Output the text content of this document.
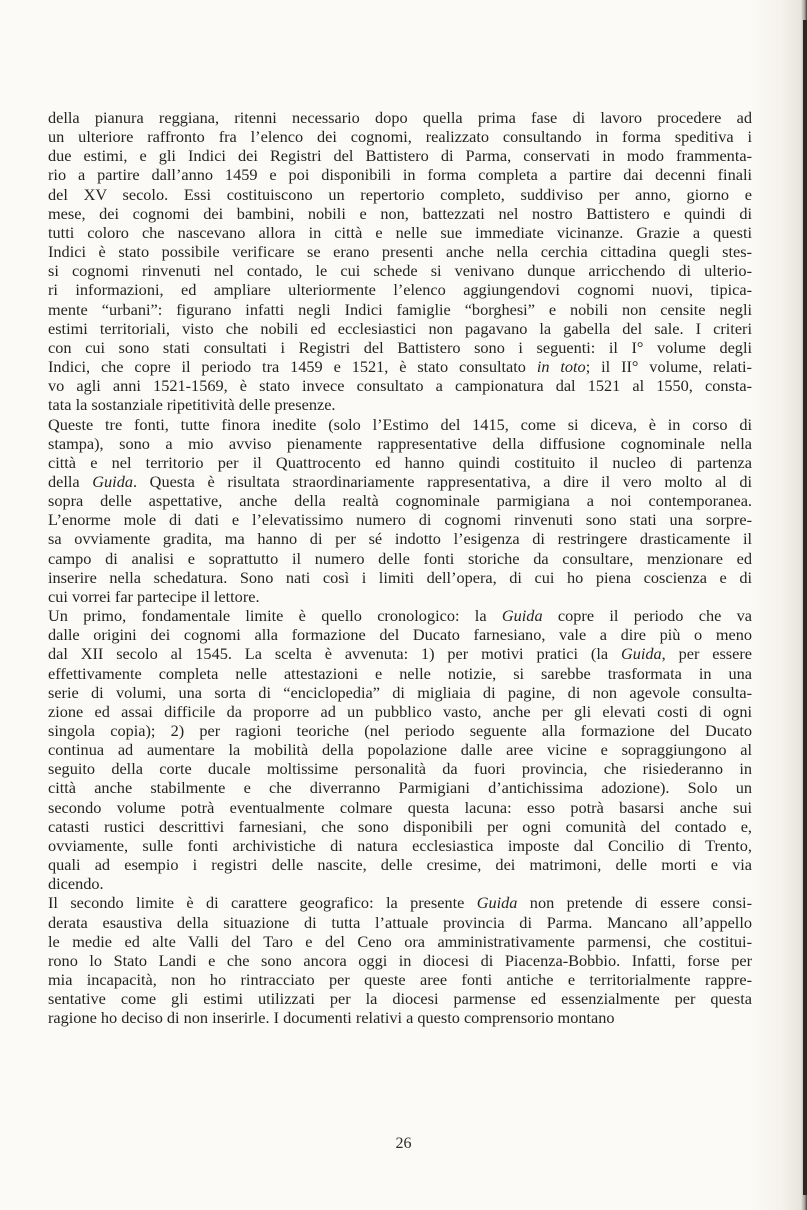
della pianura reggiana, ritenni necessario dopo quella prima fase di lavoro procedere ad
un ulteriore raffronto fra l’elenco dei cognomi, realizzato consultando in forma speditiva i
due estimi, e gli Indici dei Registri del Battistero di Parma, conservati in modo frammenta-
rio a partire dall’anno 1459 e poi disponibili in forma completa a partire dai decenni finali
del XV secolo. Essi costituiscono un repertorio completo, suddiviso per anno, giorno e
mese, dei cognomi dei bambini, nobili e non, battezzati nel nostro Battistero e quindi di
tutti coloro che nascevano allora in città e nelle sue immediate vicinanze. Grazie a questi
Indici è stato possibile verificare se erano presenti anche nella cerchia cittadina quegli stes-
si cognomi rinvenuti nel contado, le cui schede si venivano dunque arricchendo di ulterio-
ri informazioni, ed ampliare ulteriormente l’elenco aggiungendovi cognomi nuovi, tipica-
mente “urbani”: figurano infatti negli Indici famiglie “borghesi” e nobili non censite negli
estimi territoriali, visto che nobili ed ecclesiastici non pagavano la gabella del sale. I criteri
con cui sono stati consultati i Registri del Battistero sono i seguenti: il I° volume degli
Indici, che copre il periodo tra 1459 e 1521, è stato consultato in toto; il II° volume, relati-
vo agli anni 1521-1569, è stato invece consultato a campionatura dal 1521 al 1550, consta-
tata la sostanziale ripetitività delle presenze.

Queste tre fonti, tutte finora inedite (solo l’Estimo del 1415, come si diceva, è in corso di
stampa), sono a mio avviso pienamente rappresentative della diffusione cognominale nella
città e nel territorio per il Quattrocento ed hanno quindi costituito il nucleo di partenza
della Guida. Questa è risultata straordinariamente rappresentativa, a dire il vero molto al di
sopra delle aspettative, anche della realtà cognominale parmigiana a noi contemporanea.
L’enorme mole di dati e l’elevatissimo numero di cognomi rinvenuti sono stati una sorpre-
sa ovviamente gradita, ma hanno di per sé indotto l’esigenza di restringere drasticamente il
campo di analisi e soprattutto il numero delle fonti storiche da consultare, menzionare ed
inserire nella schedatura. Sono nati così i limiti dell’opera, di cui ho piena coscienza e di
cui vorrei far partecipe il lettore.

Un primo, fondamentale limite è quello cronologico: la Guida copre il periodo che va
dalle origini dei cognomi alla formazione del Ducato farnesiano, vale a dire più o meno
dal XII secolo al 1545. La scelta è avvenuta: 1) per motivi pratici (la Guida, per essere
effettivamente completa nelle attestazioni e nelle notizie, si sarebbe trasformata in una
serie di volumi, una sorta di “enciclopedia” di migliaia di pagine, di non agevole consulta-
zione ed assai difficile da proporre ad un pubblico vasto, anche per gli elevati costi di ogni
singola copia); 2) per ragioni teoriche (nel periodo seguente alla formazione del Ducato
continua ad aumentare la mobilità della popolazione dalle aree vicine e sopraggiungono al
seguito della corte ducale moltissime personalità da fuori provincia, che risiederanno in
città anche stabilmente e che diverranno Parmigiani d’antichissima adozione). Solo un
secondo volume potrà eventualmente colmare questa lacuna: esso potrà basarsi anche sui
catasti rustici descrittivi farnesiani, che sono disponibili per ogni comunità del contado e,
ovviamente, sulle fonti archivistiche di natura ecclesiastica imposte dal Concilio di Trento,
quali ad esempio i registri delle nascite, delle cresime, dei matrimoni, delle morti e via
dicendo.

Il secondo limite è di carattere geografico: la presente Guida non pretende di essere consi-
derata esaustiva della situazione di tutta l’attuale provincia di Parma. Mancano all’appello
le medie ed alte Valli del Taro e del Ceno ora amministrativamente parmensi, che costitui-
rono lo Stato Landi e che sono ancora oggi in diocesi di Piacenza-Bobbio. Infatti, forse per
mia incapacità, non ho rintracciato per queste aree fonti antiche e territorialmente rappre-
sentative come gli estimi utilizzati per la diocesi parmense ed essenzialmente per questa
ragione ho deciso di non inserirle. I documenti relativi a questo comprensorio montano

26
